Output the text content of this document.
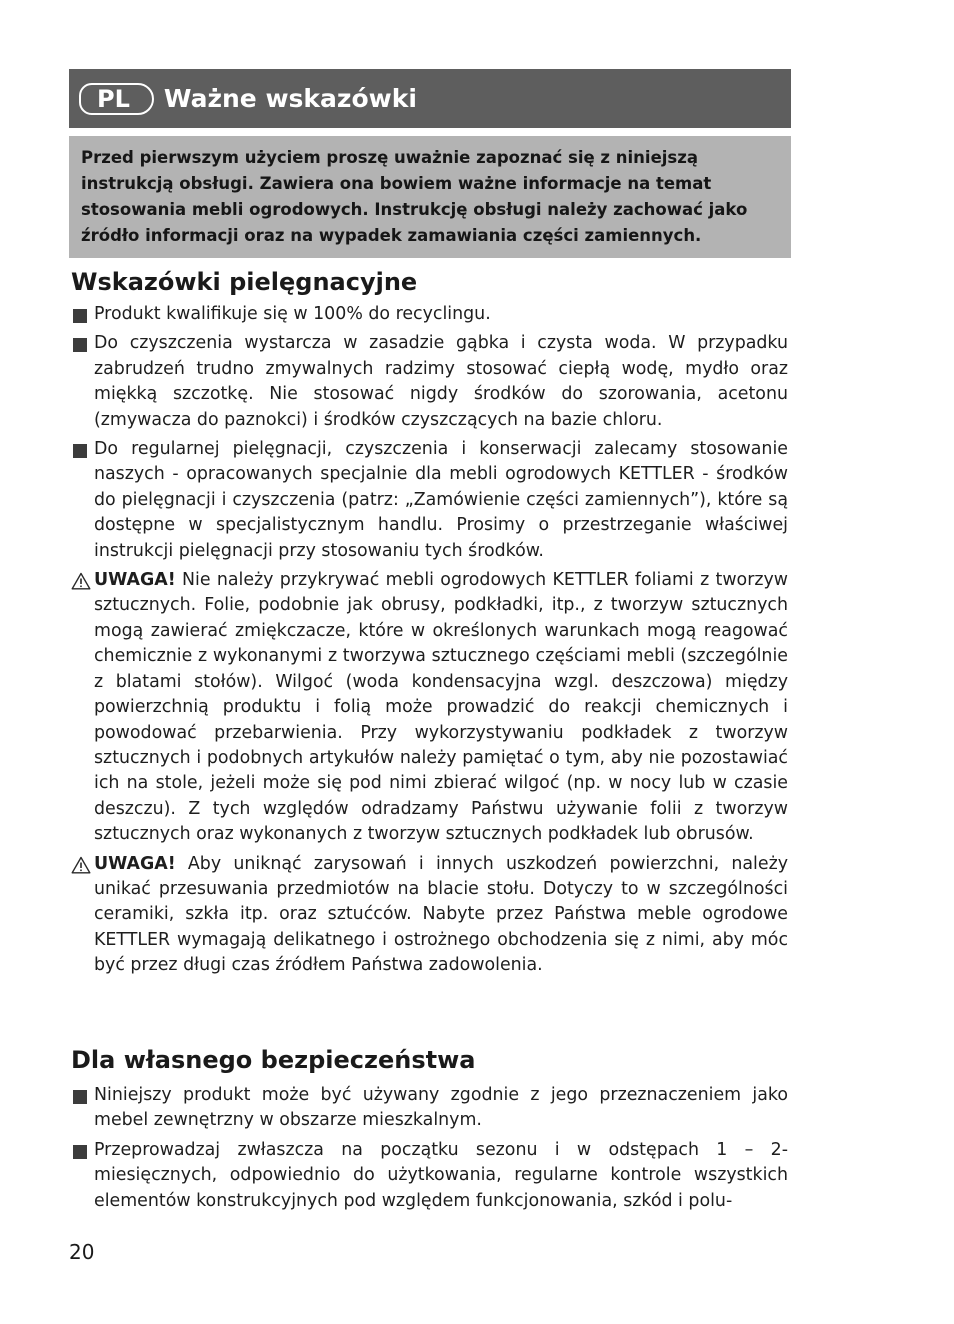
PL	Ważne wskazówki
Przed pierwszym użyciem proszę uważnie zapoznać się z niniejszą instrukcją obsługi. Zawiera ona bowiem ważne informacje na temat stosowania mebli ogrodowych. Instrukcję obsługi należy zachować jako źródło informacji oraz na wypadek zamawiania części zamiennych.
Wskazówki pielęgnacyjne
Produkt kwalifikuje się w 100% do recyclingu.
Do czyszczenia wystarcza w zasadzie gąbka i czysta woda. W przypadku zabrudzeń trudno zmywalnych radzimy stosować ciepłą wodę, mydło oraz miękką szczotkę. Nie stosować nigdy środków do szorowania, acetonu (zmywacza do paznokci) i środków czyszczących na bazie chloru.
Do regularnej pielęgnacji, czyszczenia i konserwacji zalecamy stosowanie naszych - opracowanych specjalnie dla mebli ogrodowych KETTLER - środków do pielęgnacji i czyszczenia (patrz: „Zamówienie części zamiennych”), które są dostępne w specjalistycznym handlu. Prosimy o przestrzeganie właściwej instrukcji pielęgnacji przy stosowaniu tych środków.
UWAGA! Nie należy przykrywać mebli ogrodowych KETTLER foliami z tworzyw sztucznych. Folie, podobnie jak obrusy, podkładki, itp., z tworzyw sztucznych mogą zawierać zmiękczacze, które w określonych warunkach mogą reagować chemicznie z wykonanymi z tworzywa sztucznego częściami mebli (szczególnie z blatami stołów). Wilgoć (woda kondensacyjna wzgl. deszczowa) między powierzchnią produktu i folią może prowadzić do reakcji chemicznych i powodować przebarwienia. Przy wykorzystywaniu podkładek z tworzyw sztucznych i podobnych artykułów należy pamiętać o tym, aby nie pozostawiać ich na stole, jeżeli może się pod nimi zbierać wilgoć (np. w nocy lub w czasie deszczu). Z tych względów odradzamy Państwu używanie folii z tworzyw sztucznych oraz wykonanych z tworzyw sztucznych podkładek lub obrusów.
UWAGA! Aby uniknąć zarysowań i innych uszkodzeń powierzchni, należy unikać przesuwania przedmiotów na blacie stołu. Dotyczy to w szczególności ceramiki, szkła itp. oraz sztućców. Nabyte przez Państwa meble ogrodowe KETTLER wymagają delikatnego i ostrożnego obchodzenia się z nimi, aby móc być przez długi czas źródłem Państwa zadowolenia.
Dla własnego bezpieczeństwa
Niniejszy produkt może być używany zgodnie z jego przeznaczeniem jako mebel zewnętrzny w obszarze mieszkalnym.
Przeprowadzaj zwłaszcza na początku sezonu i w odstępach 1 – 2-miesięcznych, odpowiednio do użytkowania, regularne kontrole wszystkich elementów konstrukcyjnych pod względem funkcjonowania, szkód i polu-
20
